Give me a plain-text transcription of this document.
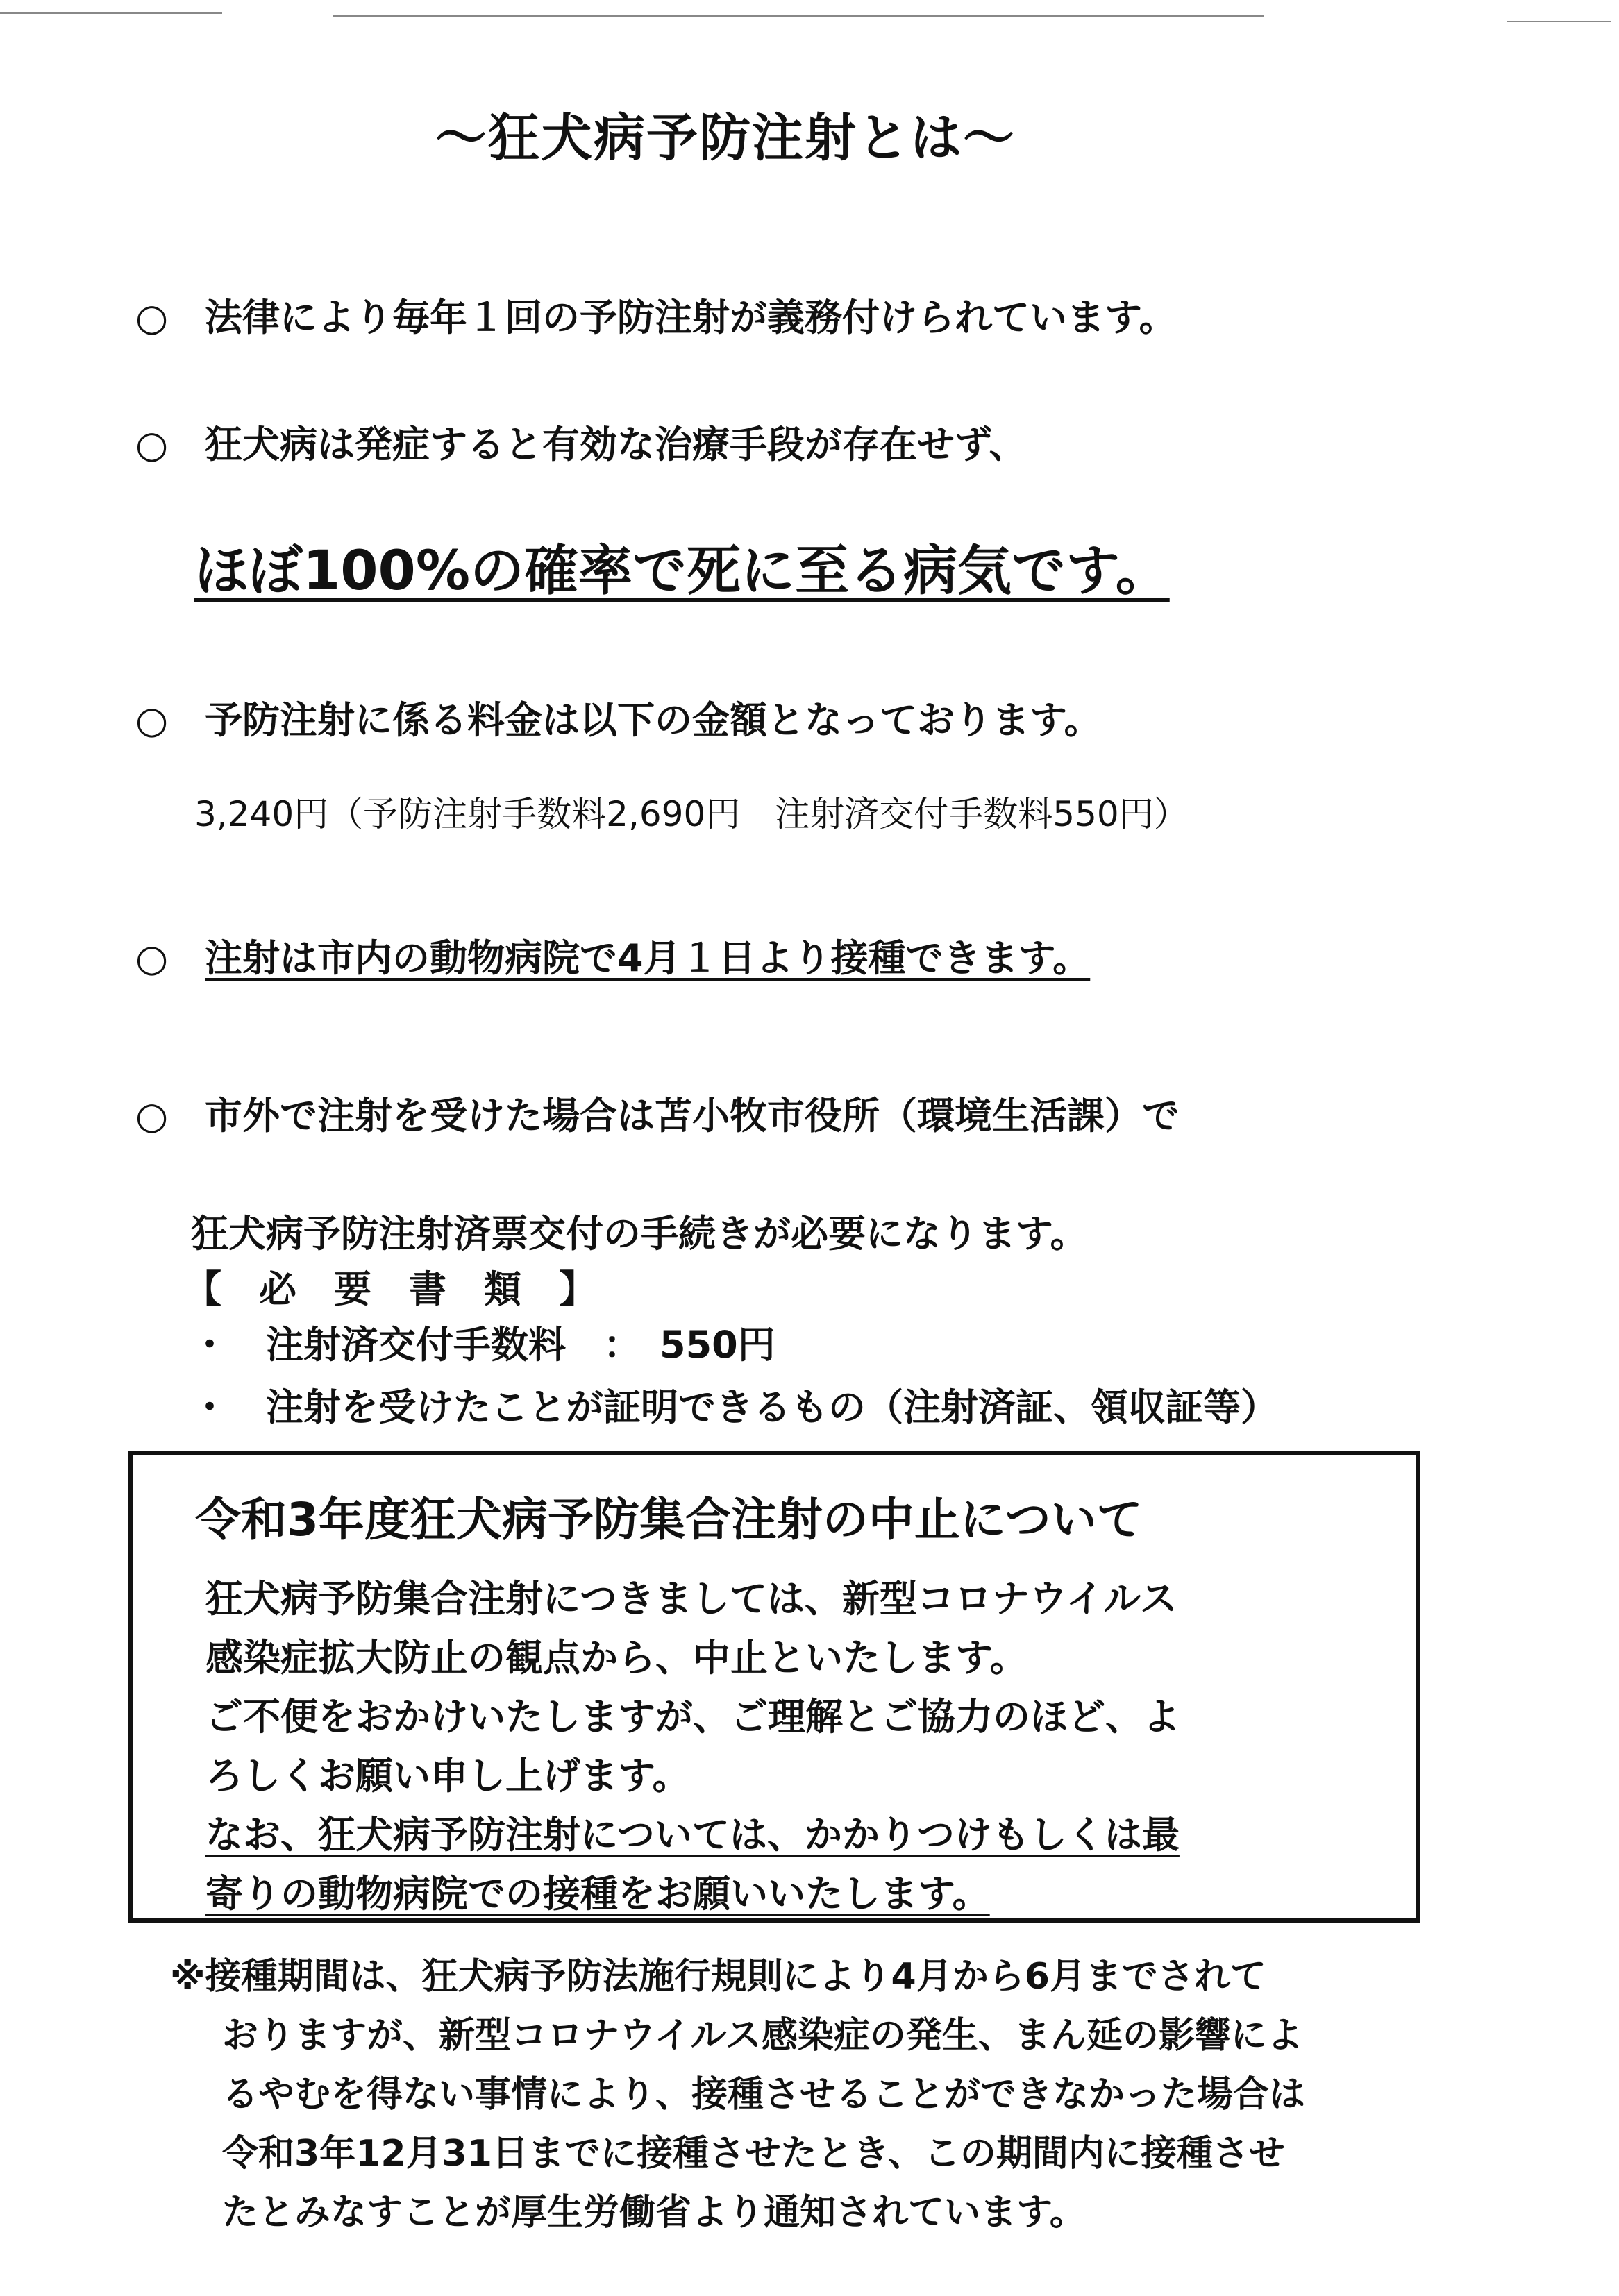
～狂犬病予防注射とは～
○ 法律により毎年１回の予防注射が義務付けられています。
○ 狂犬病は発症すると有効な治療手段が存在せず、
ほぼ100%の確率で死に至る病気です。
○ 予防注射に係る料金は以下の金額となっております。
3,240円（予防注射手数料2,690円　注射済交付手数料550円）
○ 注射は市内の動物病院で4月１日より接種できます。
○ 市外で注射を受けた場合は苫小牧市役所（環境生活課）で
狂犬病予防注射済票交付の手続きが必要になります。
【　必　要　書　類　】
・　注射済交付手数料　：　550円
・　注射を受けたことが証明できるもの（注射済証、領収証等）
令和3年度狂犬病予防集合注射の中止について
狂犬病予防集合注射につきましては、新型コロナウイルス
感染症拡大防止の観点から、中止といたします。
ご不便をおかけいたしますが、ご理解とご協力のほど、よ
ろしくお願い申し上げます。
なお、狂犬病予防注射については、かかりつけもしくは最
寄りの動物病院での接種をお願いいたします。
※接種期間は、狂犬病予防法施行規則により4月から6月までされて
おりますが、新型コロナウイルス感染症の発生、まん延の影響によ
るやむを得ない事情により、接種させることができなかった場合は
令和3年12月31日までに接種させたとき、この期間内に接種させ
たとみなすことが厚生労働省より通知されています。
